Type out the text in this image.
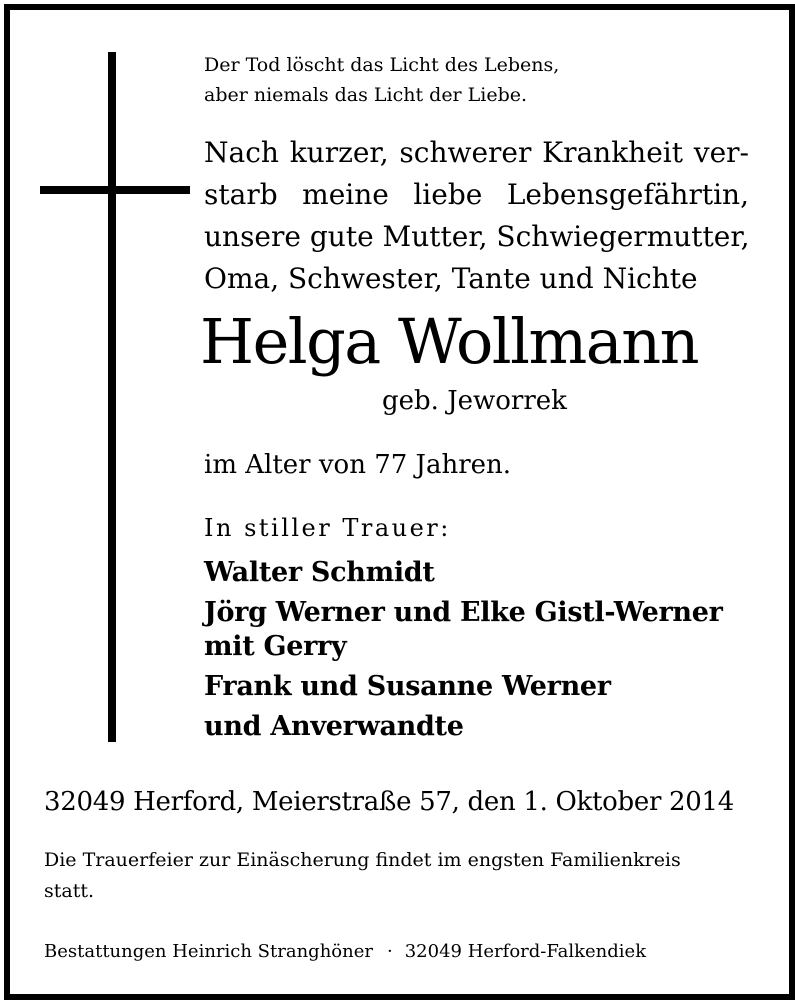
Der Tod löscht das Licht des Lebens,
aber niemals das Licht der Liebe.
Nach kurzer, schwerer Krankheit ver-
starb meine liebe Lebensgefährtin,
unsere gute Mutter, Schwiegermutter,
Oma, Schwester, Tante und Nichte
Helga Wollmann
geb. Jeworrek
im Alter von 77 Jahren.
In stiller Trauer:
Walter Schmidt
Jörg Werner und Elke Gistl-Werner
mit Gerry
Frank und Susanne Werner
und Anverwandte
32049 Herford, Meierstraße 57, den 1. Oktober 2014
Die Trauerfeier zur Einäscherung findet im engsten Familienkreis
statt.
Bestattungen Heinrich Stranghöner · 32049 Herford-Falkendiek
